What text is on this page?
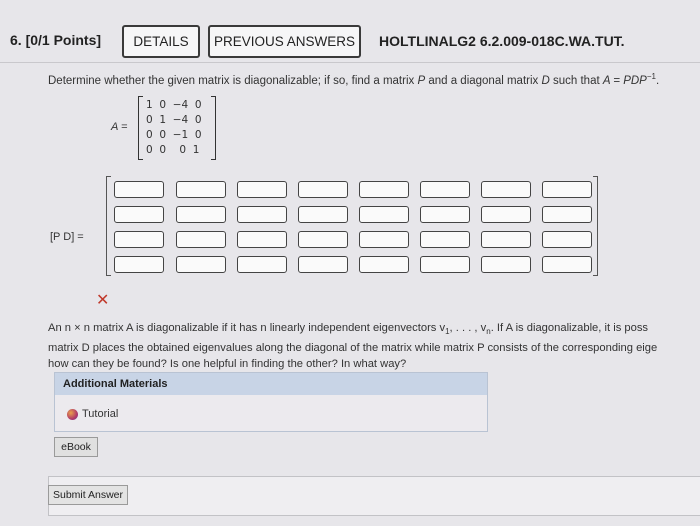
6. [0/1 Points]	DETAILS	PREVIOUS ANSWERS	HOLTLINALG2 6.2.009-018C.WA.TUT.
Determine whether the given matrix is diagonalizable; if so, find a matrix P and a diagonal matrix D such that $A = PDP^{-1}$.
A =
1  0  −4  0
0  1  −4  0
0  0  −1  0
0  0    0  1
[P D] =
✕
An n × n matrix A is diagonalizable if it has n linearly independent eigenvectors $v_1$, . . . , $v_n$. If A is diagonalizable, it is poss
matrix D places the obtained eigenvalues along the diagonal of the matrix while matrix P consists of the corresponding eige
how can they be found? Is one helpful in finding the other? In what way?
Additional Materials
Tutorial
eBook
Submit Answer
